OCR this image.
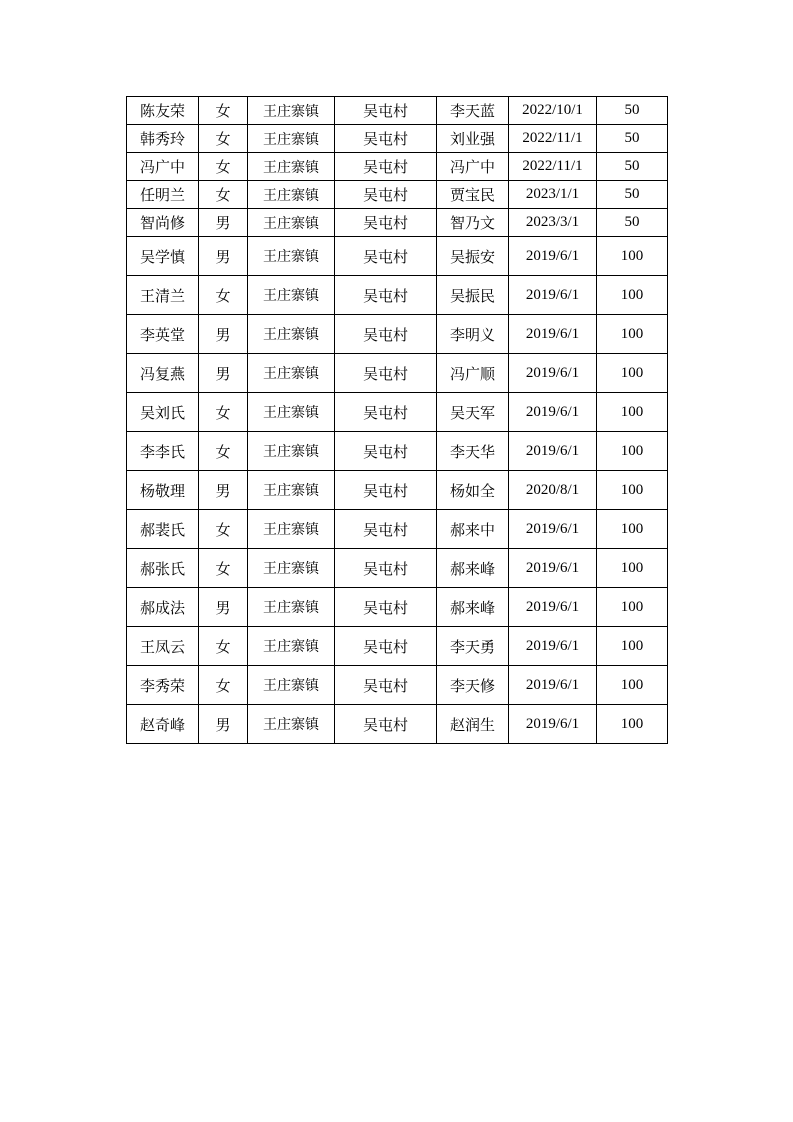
陈友荣	女	王庄寨镇	吴屯村	李天蓝	2022/10/1	50
韩秀玲	女	王庄寨镇	吴屯村	刘业强	2022/11/1	50
冯广中	女	王庄寨镇	吴屯村	冯广中	2022/11/1	50
任明兰	女	王庄寨镇	吴屯村	贾宝民	2023/1/1	50
智尚修	男	王庄寨镇	吴屯村	智乃文	2023/3/1	50
吴学慎	男	王庄寨镇	吴屯村	吴振安	2019/6/1	100
王清兰	女	王庄寨镇	吴屯村	吴振民	2019/6/1	100
李英堂	男	王庄寨镇	吴屯村	李明义	2019/6/1	100
冯复燕	男	王庄寨镇	吴屯村	冯广顺	2019/6/1	100
吴刘氏	女	王庄寨镇	吴屯村	吴天军	2019/6/1	100
李李氏	女	王庄寨镇	吴屯村	李天华	2019/6/1	100
杨敬理	男	王庄寨镇	吴屯村	杨如全	2020/8/1	100
郝裴氏	女	王庄寨镇	吴屯村	郝来中	2019/6/1	100
郝张氏	女	王庄寨镇	吴屯村	郝来峰	2019/6/1	100
郝成法	男	王庄寨镇	吴屯村	郝来峰	2019/6/1	100
王凤云	女	王庄寨镇	吴屯村	李天勇	2019/6/1	100
李秀荣	女	王庄寨镇	吴屯村	李天修	2019/6/1	100
赵奇峰	男	王庄寨镇	吴屯村	赵润生	2019/6/1	100
